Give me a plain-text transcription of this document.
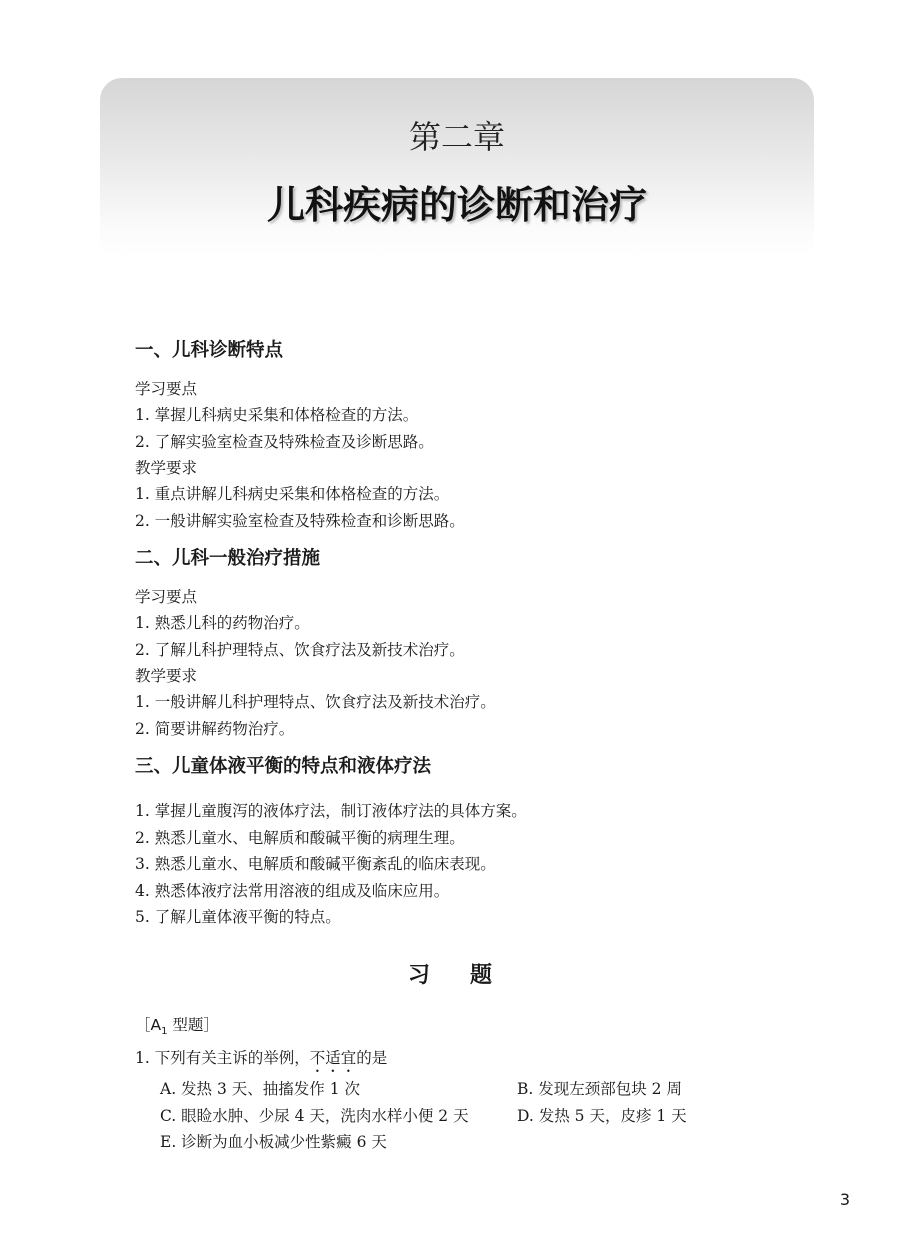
第二章
儿科疾病的诊断和治疗

一、儿科诊断特点

学习要点

1. 掌握儿科病史采集和体格检查的方法。

2. 了解实验室检查及特殊检查及诊断思路。

教学要求

1. 重点讲解儿科病史采集和体格检查的方法。

2. 一般讲解实验室检查及特殊检查和诊断思路。

二、儿科一般治疗措施

学习要点

1. 熟悉儿科的药物治疗。

2. 了解儿科护理特点、饮食疗法及新技术治疗。

教学要求

1. 一般讲解儿科护理特点、饮食疗法及新技术治疗。

2. 简要讲解药物治疗。

三、儿童体液平衡的特点和液体疗法

1. 掌握儿童腹泻的液体疗法，制订液体疗法的具体方案。

2. 熟悉儿童水、电解质和酸碱平衡的病理生理。

3. 熟悉儿童水、电解质和酸碱平衡紊乱的临床表现。

4. 熟悉体液疗法常用溶液的组成及临床应用。

5. 了解儿童体液平衡的特点。

习题
$[A_1$ 型题］
1. 下列有关主诉的举例，不适宜的是
A. 发热 3 天、抽搐发作 1 次	B. 发现左颈部包块 2 周
C. 眼睑水肿、少尿 4 天，洗肉水样小便 2 天	D. 发热 5 天，皮疹 1 天
E. 诊断为血小板减少性紫癜 6 天
3
